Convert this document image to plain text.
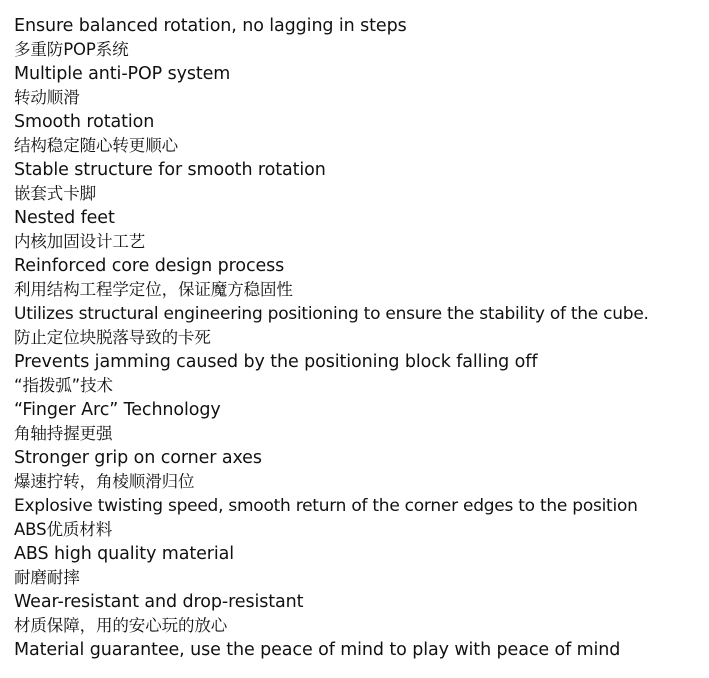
Ensure balanced rotation, no lagging in steps
多重防POP系统
Multiple anti-POP system
转动顺滑
Smooth rotation
结构稳定随心转更顺心
Stable structure for smooth rotation
嵌套式卡脚
Nested feet
内核加固设计工艺
Reinforced core design process
利用结构工程学定位，保证魔方稳固性
Utilizes structural engineering positioning to ensure the stability of the cube.
防止定位块脱落导致的卡死
Prevents jamming caused by the positioning block falling off
“指拨弧”技术
“Finger Arc” Technology
角轴持握更强
Stronger grip on corner axes
爆速拧转，角棱顺滑归位
Explosive twisting speed, smooth return of the corner edges to the position
ABS优质材料
ABS high quality material
耐磨耐摔
Wear-resistant and drop-resistant
材质保障，用的安心玩的放心
Material guarantee, use the peace of mind to play with peace of mind
